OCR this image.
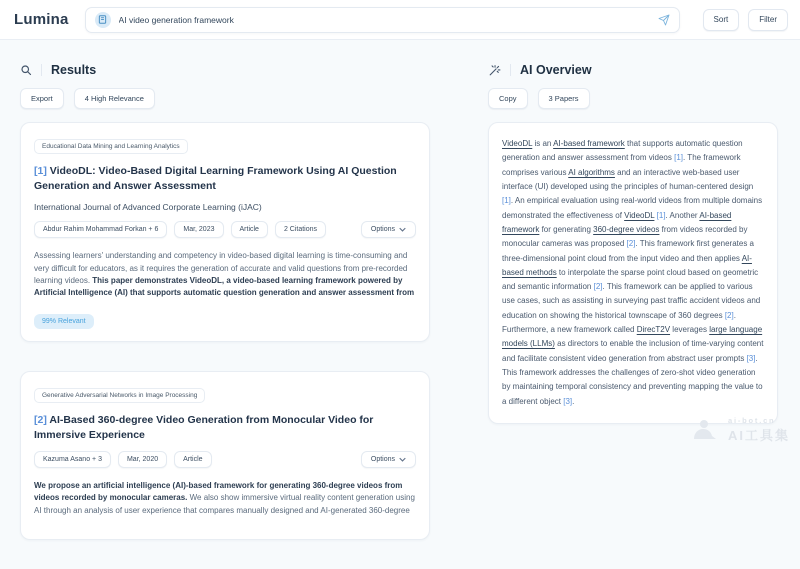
Lumina	AI video generation framework	Sort	Filter
Results
Export	4 High Relevance
Educational Data Mining and Learning Analytics
[1] VideoDL: Video-Based Digital Learning Framework Using AI Question Generation and Answer Assessment
International Journal of Advanced Corporate Learning (iJAC)
Abdur Rahim Mohammad Forkan + 6	Mar, 2023	Article	2 Citations	Options

Assessing learners' understanding and competency in video-based digital learning is time-consuming and very difficult for educators, as it requires the generation of accurate and valid questions from pre-recorded learning videos. This paper demonstrates VideoDL, a video-based learning framework powered by Artificial Intelligence (AI) that supports automatic question generation and answer assessment from

99% Relevant
Generative Adversarial Networks in Image Processing
[2] AI-Based 360-degree Video Generation from Monocular Video for Immersive Experience
Kazuma Asano + 3	Mar, 2020	Article	Options

We propose an artificial intelligence (AI)-based framework for generating 360-degree videos from videos recorded by monocular cameras. We also show immersive virtual reality content generation using AI through an analysis of user experience that compares manually designed and AI-generated 360-degree

AI Overview
Copy	3 Papers

VideoDL is an AI-based framework that supports automatic question generation and answer assessment from videos [1]. The framework comprises various AI algorithms and an interactive web-based user interface (UI) developed using the principles of human-centered design [1]. An empirical evaluation using real-world videos from multiple domains demonstrated the effectiveness of VideoDL [1]. Another AI-based framework for generating 360-degree videos from videos recorded by monocular cameras was proposed [2]. This framework first generates a three-dimensional point cloud from the input video and then applies AI-based methods to interpolate the sparse point cloud based on geometric and semantic information [2]. This framework can be applied to various use cases, such as assisting in surveying past traffic accident videos and education on showing the historical townscape of 360 degrees [2]. Furthermore, a new framework called DirecT2V leverages large language models (LLMs) as directors to enable the inclusion of time-varying content and facilitate consistent video generation from abstract user prompts [3]. This framework addresses the challenges of zero-shot video generation by maintaining temporal consistency and preventing mapping the value to a different object [3].

ai-bot.cn
AI工具集
